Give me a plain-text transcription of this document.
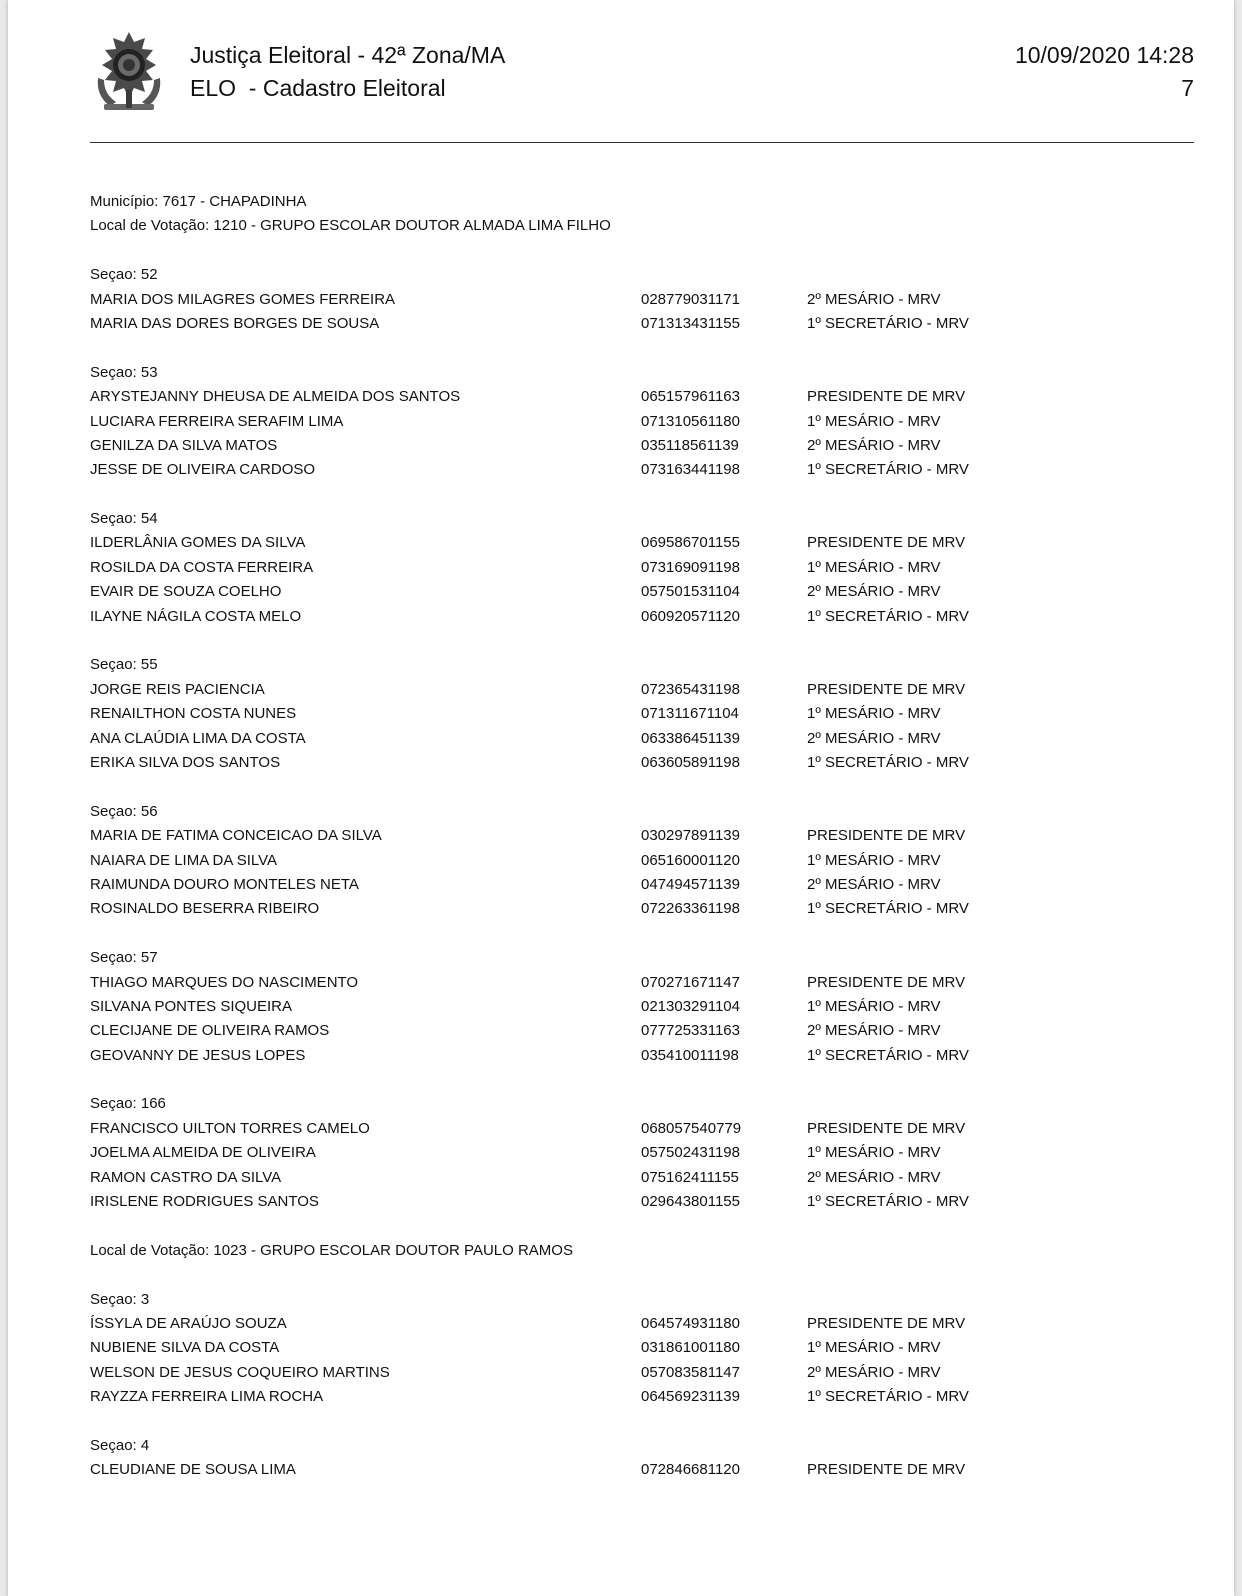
Justiça Eleitoral - 42ª Zona/MA
ELO  - Cadastro Eleitoral
10/09/2020 14:28
7
Município: 7617 - CHAPADINHA
Local de Votação: 1210 - GRUPO ESCOLAR DOUTOR ALMADA LIMA FILHO
Seçao: 52
MARIA DOS MILAGRES GOMES FERREIRA	028779031171	2º MESÁRIO - MRV
MARIA DAS DORES BORGES DE SOUSA	071313431155	1º SECRETÁRIO - MRV
Seçao: 53
ARYSTEJANNY DHEUSA DE ALMEIDA DOS SANTOS	065157961163	PRESIDENTE DE MRV
LUCIARA FERREIRA SERAFIM LIMA	071310561180	1º MESÁRIO - MRV
GENILZA DA SILVA MATOS	035118561139	2º MESÁRIO - MRV
JESSE DE OLIVEIRA CARDOSO	073163441198	1º SECRETÁRIO - MRV
Seçao: 54
ILDERLÂNIA GOMES DA SILVA	069586701155	PRESIDENTE DE MRV
ROSILDA DA COSTA FERREIRA	073169091198	1º MESÁRIO - MRV
EVAIR DE SOUZA COELHO	057501531104	2º MESÁRIO - MRV
ILAYNE NÁGILA COSTA MELO	060920571120	1º SECRETÁRIO - MRV
Seçao: 55
JORGE REIS PACIENCIA	072365431198	PRESIDENTE DE MRV
RENAILTHON COSTA NUNES	071311671104	1º MESÁRIO - MRV
ANA CLAÚDIA LIMA DA COSTA	063386451139	2º MESÁRIO - MRV
ERIKA SILVA DOS SANTOS	063605891198	1º SECRETÁRIO - MRV
Seçao: 56
MARIA DE FATIMA CONCEICAO DA SILVA	030297891139	PRESIDENTE DE MRV
NAIARA DE LIMA DA SILVA	065160001120	1º MESÁRIO - MRV
RAIMUNDA DOURO MONTELES NETA	047494571139	2º MESÁRIO - MRV
ROSINALDO BESERRA RIBEIRO	072263361198	1º SECRETÁRIO - MRV
Seçao: 57
THIAGO MARQUES DO NASCIMENTO	070271671147	PRESIDENTE DE MRV
SILVANA PONTES SIQUEIRA	021303291104	1º MESÁRIO - MRV
CLECIJANE DE OLIVEIRA RAMOS	077725331163	2º MESÁRIO - MRV
GEOVANNY DE JESUS LOPES	035410011198	1º SECRETÁRIO - MRV
Seçao: 166
FRANCISCO UILTON TORRES CAMELO	068057540779	PRESIDENTE DE MRV
JOELMA ALMEIDA DE OLIVEIRA	057502431198	1º MESÁRIO - MRV
RAMON CASTRO DA SILVA	075162411155	2º MESÁRIO - MRV
IRISLENE RODRIGUES SANTOS	029643801155	1º SECRETÁRIO - MRV
Local de Votação: 1023 - GRUPO ESCOLAR DOUTOR PAULO RAMOS
Seçao: 3
ÍSSYLA DE ARAÚJO SOUZA	064574931180	PRESIDENTE DE MRV
NUBIENE SILVA DA COSTA	031861001180	1º MESÁRIO - MRV
WELSON DE JESUS COQUEIRO MARTINS	057083581147	2º MESÁRIO - MRV
RAYZZA FERREIRA LIMA ROCHA	064569231139	1º SECRETÁRIO - MRV
Seçao: 4
CLEUDIANE DE SOUSA LIMA	072846681120	PRESIDENTE DE MRV
